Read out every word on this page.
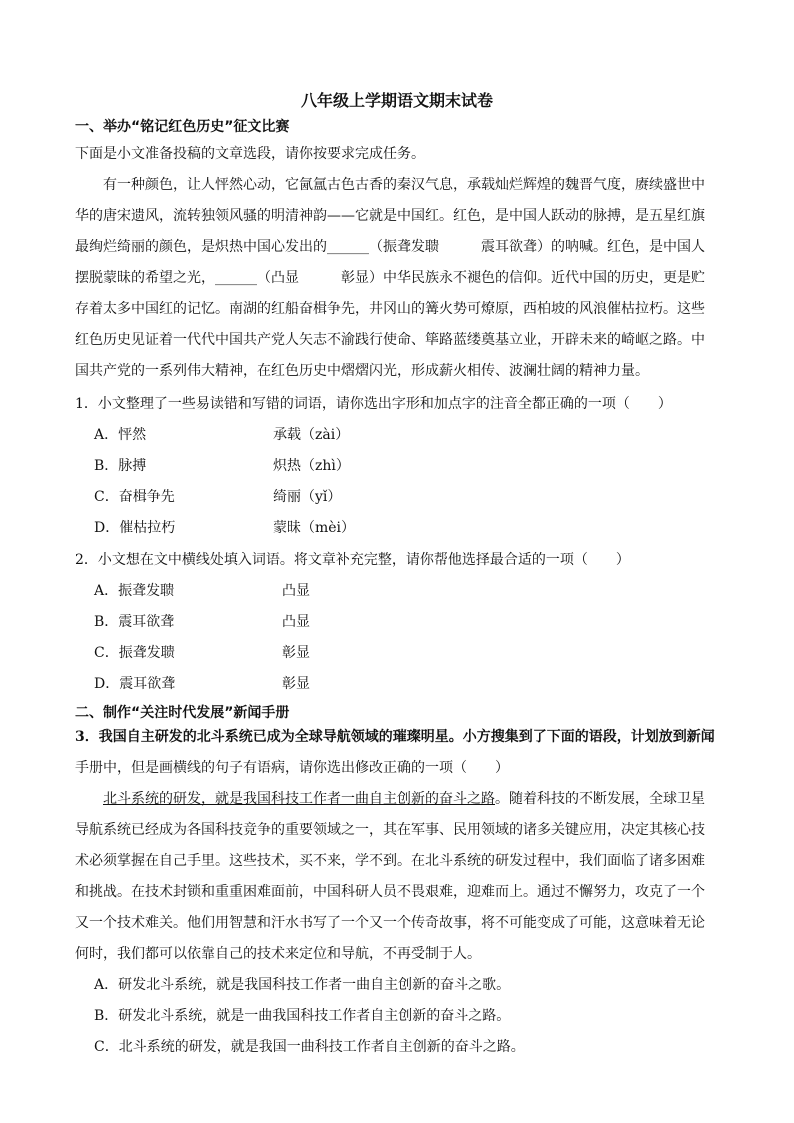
八年级上学期语文期末试卷
一、举办“铭记红色历史”征文比赛
下面是小文准备投稿的文章选段，请你按要求完成任务。
有一种颜色，让人怦然心动，它氤氲古色古香的秦汉气息，承载灿烂辉煌的魏晋气度，赓续盛世中
华的唐宋遗风，流转独领风骚的明清神韵——它就是中国红。红色，是中国人跃动的脉搏，是五星红旗
最绚烂绮丽的颜色，是炽热中国心发出的______（振聋发聩　　　震耳欲聋）的呐喊。红色，是中国人
摆脱蒙昧的希望之光，______（凸显　　　彰显）中华民族永不褪色的信仰。近代中国的历史，更是贮
存着太多中国红的记忆。南湖的红船奋楫争先，井冈山的篝火势可燎原，西柏坡的风浪催枯拉朽。这些
红色历史见证着一代代中国共产党人矢志不渝践行使命、筚路蓝缕奠基立业，开辟未来的崎岖之路。中
国共产党的一系列伟大精神，在红色历史中熠熠闪光，形成薪火相传、波澜壮阔的精神力量。
1．小文整理了一些易读错和写错的词语，请你选出字形和加点字的注音全都正确的一项（　　）
A．怦然	承载（zài）
B．脉搏	炽热（zhì）
C．奋楫争先	绮丽（yǐ）
D．催枯拉朽	蒙昧（mèi）
2．小文想在文中横线处填入词语。将文章补充完整，请你帮他选择最合适的一项（　　）
A．振聋发聩	凸显
B．震耳欲聋	凸显
C．振聋发聩	彰显
D．震耳欲聋	彰显
二、制作“关注时代发展”新闻手册
3．我国自主研发的北斗系统已成为全球导航领域的璀璨明星。小方搜集到了下面的语段，计划放到新闻
手册中，但是画横线的句子有语病，请你选出修改正确的一项（　　）
北斗系统的研发，就是我国科技工作者一曲自主创新的奋斗之路。随着科技的不断发展，全球卫星
导航系统已经成为各国科技竞争的重要领域之一，其在军事、民用领域的诸多关键应用，决定其核心技
术必须掌握在自己手里。这些技术，买不来，学不到。在北斗系统的研发过程中，我们面临了诸多困难
和挑战。在技术封锁和重重困难面前，中国科研人员不畏艰难，迎难而上。通过不懈努力，攻克了一个
又一个技术难关。他们用智慧和汗水书写了一个又一个传奇故事，将不可能变成了可能，这意味着无论
何时，我们都可以依靠自己的技术来定位和导航，不再受制于人。
A．研发北斗系统，就是我国科技工作者一曲自主创新的奋斗之歌。
B．研发北斗系统，就是一曲我国科技工作者自主创新的奋斗之路。
C．北斗系统的研发，就是我国一曲科技工作者自主创新的奋斗之路。
